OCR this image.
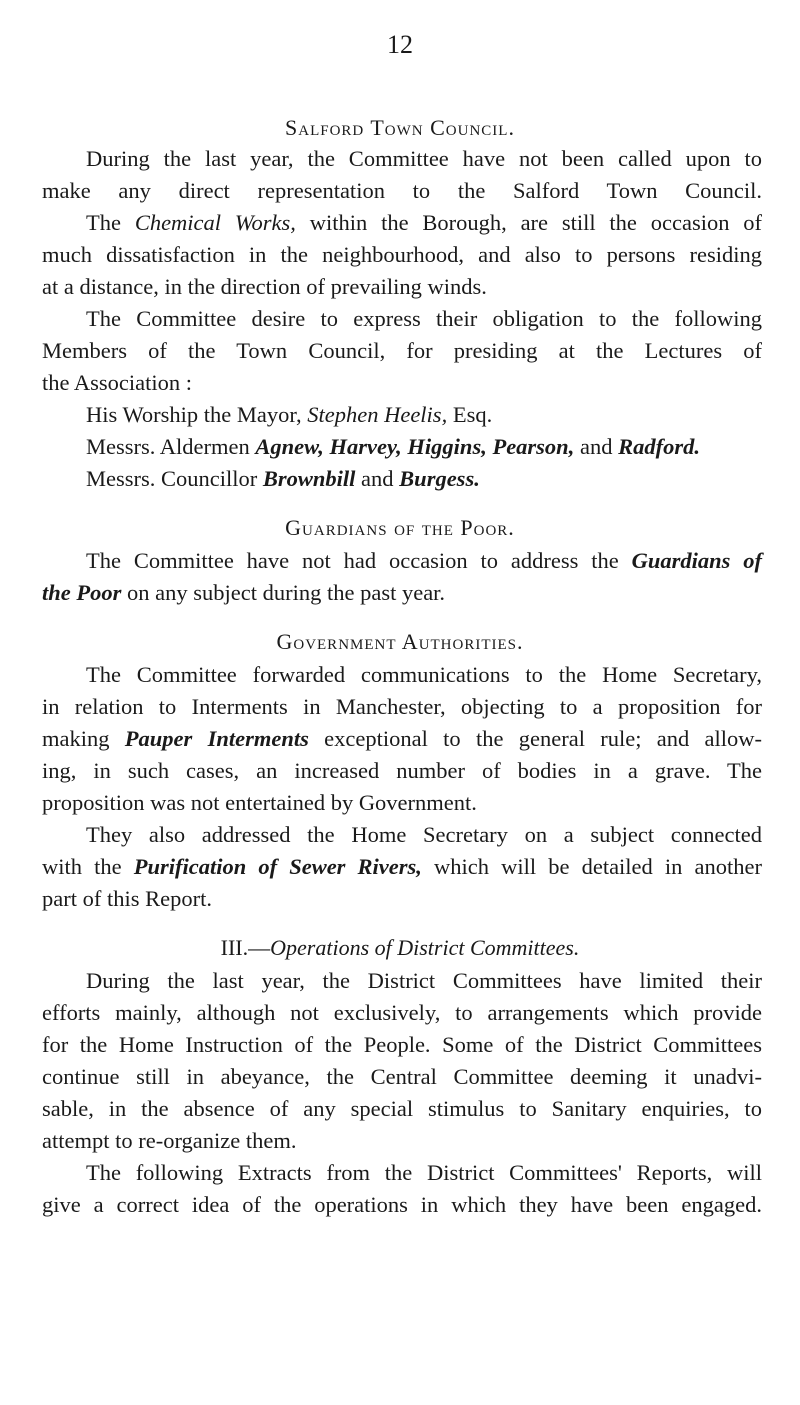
12
Salford Town Council.
During the last year, the Committee have not been called upon to
make any direct representation to the Salford Town Council.
The Chemical Works, within the Borough, are still the occasion of
much dissatisfaction in the neighbourhood, and also to persons residing
at a distance, in the direction of prevailing winds.
The Committee desire to express their obligation to the following
Members of the Town Council, for presiding at the Lectures of
the Association :
His Worship the Mayor, Stephen Heelis, Esq.
Messrs. Aldermen Agnew, Harvey, Higgins, Pearson, and Radford.
Messrs. Councillor Brownbill and Burgess.
Guardians of the Poor.
The Committee have not had occasion to address the Guardians of
the Poor on any subject during the past year.
Government Authorities.
The Committee forwarded communications to the Home Secretary,
in relation to Interments in Manchester, objecting to a proposition for
making Pauper Interments exceptional to the general rule; and allow-
ing, in such cases, an increased number of bodies in a grave. The
proposition was not entertained by Government.
They also addressed the Home Secretary on a subject connected
with the Purification of Sewer Rivers, which will be detailed in another
part of this Report.
III.—Operations of District Committees.
During the last year, the District Committees have limited their
efforts mainly, although not exclusively, to arrangements which provide
for the Home Instruction of the People. Some of the District Committees
continue still in abeyance, the Central Committee deeming it unadvi-
sable, in the absence of any special stimulus to Sanitary enquiries, to
attempt to re-organize them.
The following Extracts from the District Committees' Reports, will
give a correct idea of the operations in which they have been engaged.
